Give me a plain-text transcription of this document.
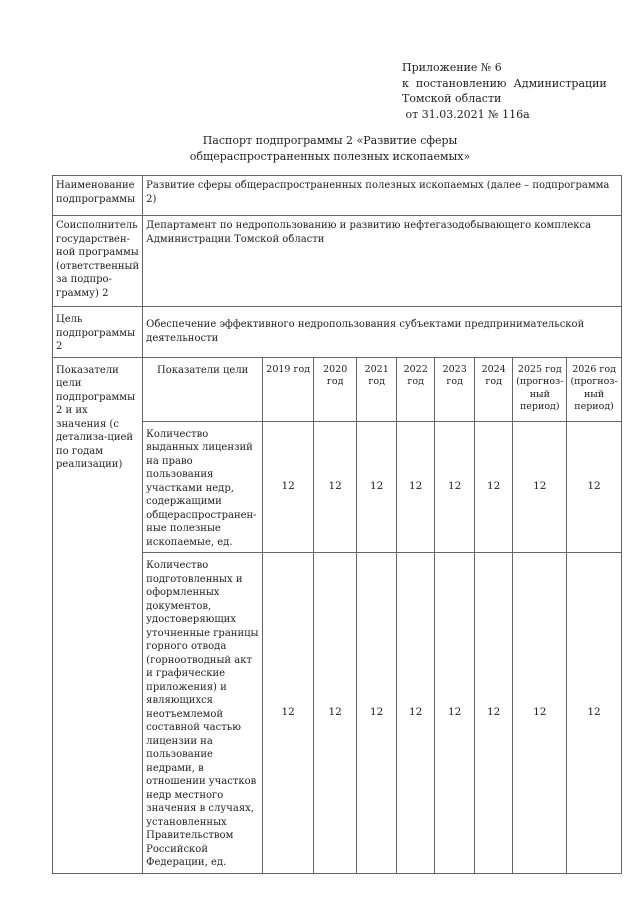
Приложение № 6
к  постановлению  Администрации
Томской области
от 31.03.2021 № 116а
Паспорт подпрограммы 2 «Развитие сферы
общераспространенных полезных ископаемых»
Наименование подпрограммы	Развитие сферы общераспространенных полезных ископаемых (далее – подпрограмма 2)								
Соисполнитель государствен-ной программы (ответственный за подпро-грамму) 2	Департамент по недропользованию и развитию нефтегазодобывающего комплекса Администрации Томской области								
Цель подпрограммы 2	Обеспечение эффективного недропользования субъектами предпринимательской деятельности								
Показатели цели подпрограммы 2 и их значения (с детализа-цией по годам реализации)	Показатели цели	2019 год	2020 год	2021 год	2022 год	2023 год	2024 год	2025 год (прогноз-ный период)	2026 год (прогноз-ный период)
	Количество выданных лицензий на право пользования участками недр, содержащими общераспространен-ные полезные ископаемые, ед.	12	12	12	12	12	12	12	12
	Количество подготовленных и оформленных документов, удостоверяющих уточненные границы горного отвода (горноотводный акт и графические приложения) и являющихся неотъемлемой составной частью лицензии на пользование недрами, в отношении участков недр местного значения в случаях, установленных Правительством Российской Федерации, ед.	12	12	12	12	12	12	12	12
